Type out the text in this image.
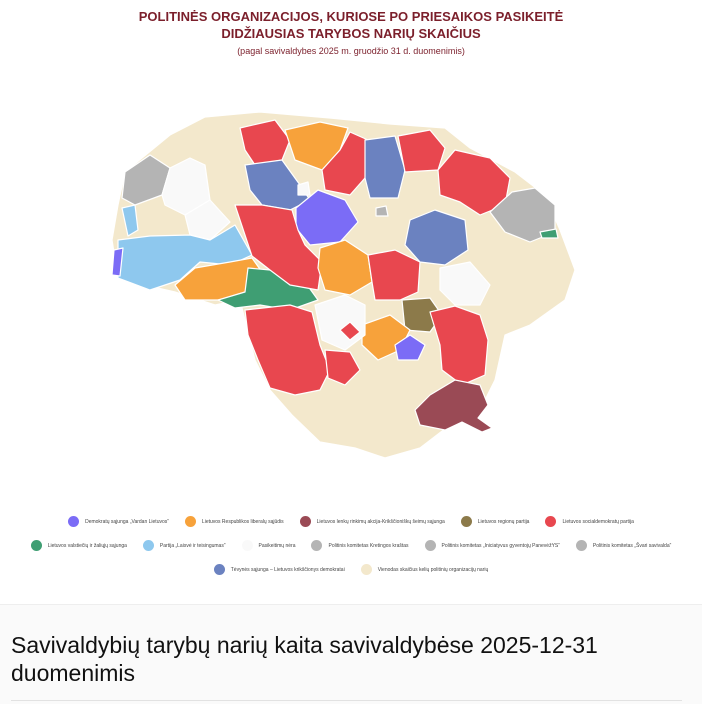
POLITINĖS ORGANIZACIJOS, KURIOSE PO PRIESAIKOS PASIKEITĖ

DIDŽIAUSIAS TARYBOS NARIŲ SKAIČIUS

(pagal savivaldybes 2025 m. gruodžio 31 d. duomenimis)
Demokratų sąjunga „Vardan Lietuvos“	Lietuvos Respublikos liberalų sąjūdis	Lietuvos lenkų rinkimų akcija-Krikščioniškų šeimų sąjunga	Lietuvos regionų partija	Lietuvos socialdemokratų partija
Lietuvos valstiečių ir žaliųjų sąjunga	Partija „Laisvė ir teisingumas“	Pasikeitimų nėra	Politinis komitetas Kretingos kraštas	Politinis komitetas „Iniciatyvus gyventojų PanevėžYS“	Politinis komitetas „Švari savivalda“
Tėvynės sąjunga – Lietuvos krikščionys demokratai	Vienodas skaičius kelių politinių organizacijų narių
Savivaldybių tarybų narių kaita savivaldybėse 2025-12-31 duomenimis
